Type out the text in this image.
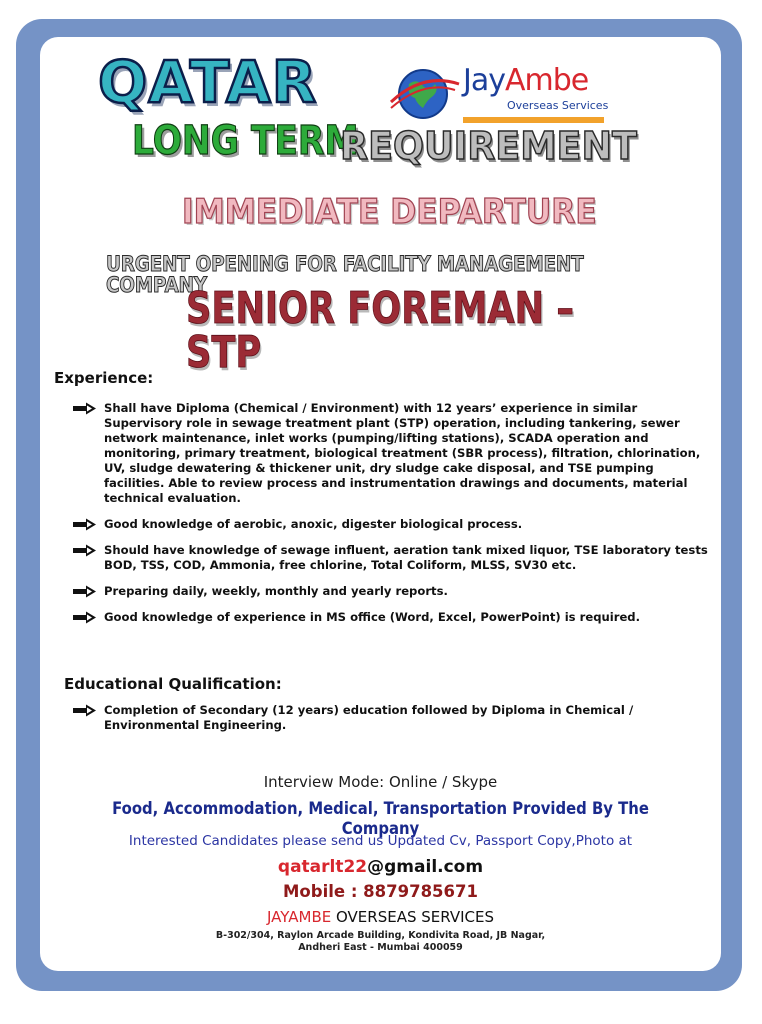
QATAR	JayAmbe
Overseas Services
LONG TERM
REQUIREMENT
IMMEDIATE DEPARTURE
URGENT OPENING FOR FACILITY MANAGEMENT COMPANY
SENIOR FOREMAN – STP
Experience:
Shall have Diploma (Chemical / Environment) with 12 years’ experience in similar Supervisory role in sewage treatment plant (STP) operation, including tankering, sewer network maintenance, inlet works (pumping/lifting stations), SCADA operation and monitoring, primary treatment, biological treatment (SBR process), filtration, chlorination, UV, sludge dewatering & thickener unit, dry sludge cake disposal, and TSE pumping facilities. Able to review process and instrumentation drawings and documents, material technical evaluation.
Good knowledge of aerobic, anoxic, digester biological process.
Should have knowledge of sewage influent, aeration tank mixed liquor, TSE laboratory tests BOD, TSS, COD, Ammonia, free chlorine, Total Coliform, MLSS, SV30 etc.
Preparing daily, weekly, monthly and yearly reports.
Good knowledge of experience in MS office (Word, Excel, PowerPoint) is required.
Educational Qualification:
Completion of Secondary (12 years) education followed by Diploma in Chemical / Environmental Engineering.

Interview Mode: Online / Skype

Food, Accommodation, Medical, Transportation Provided By The Company

Interested Candidates please send us Updated Cv, Passport Copy,Photo at

qatarlt22@gmail.com

Mobile : 8879785671

JAYAMBE OVERSEAS SERVICES

B-302/304, Raylon Arcade Building, Kondivita Road, JB Nagar,
Andheri East - Mumbai 400059
